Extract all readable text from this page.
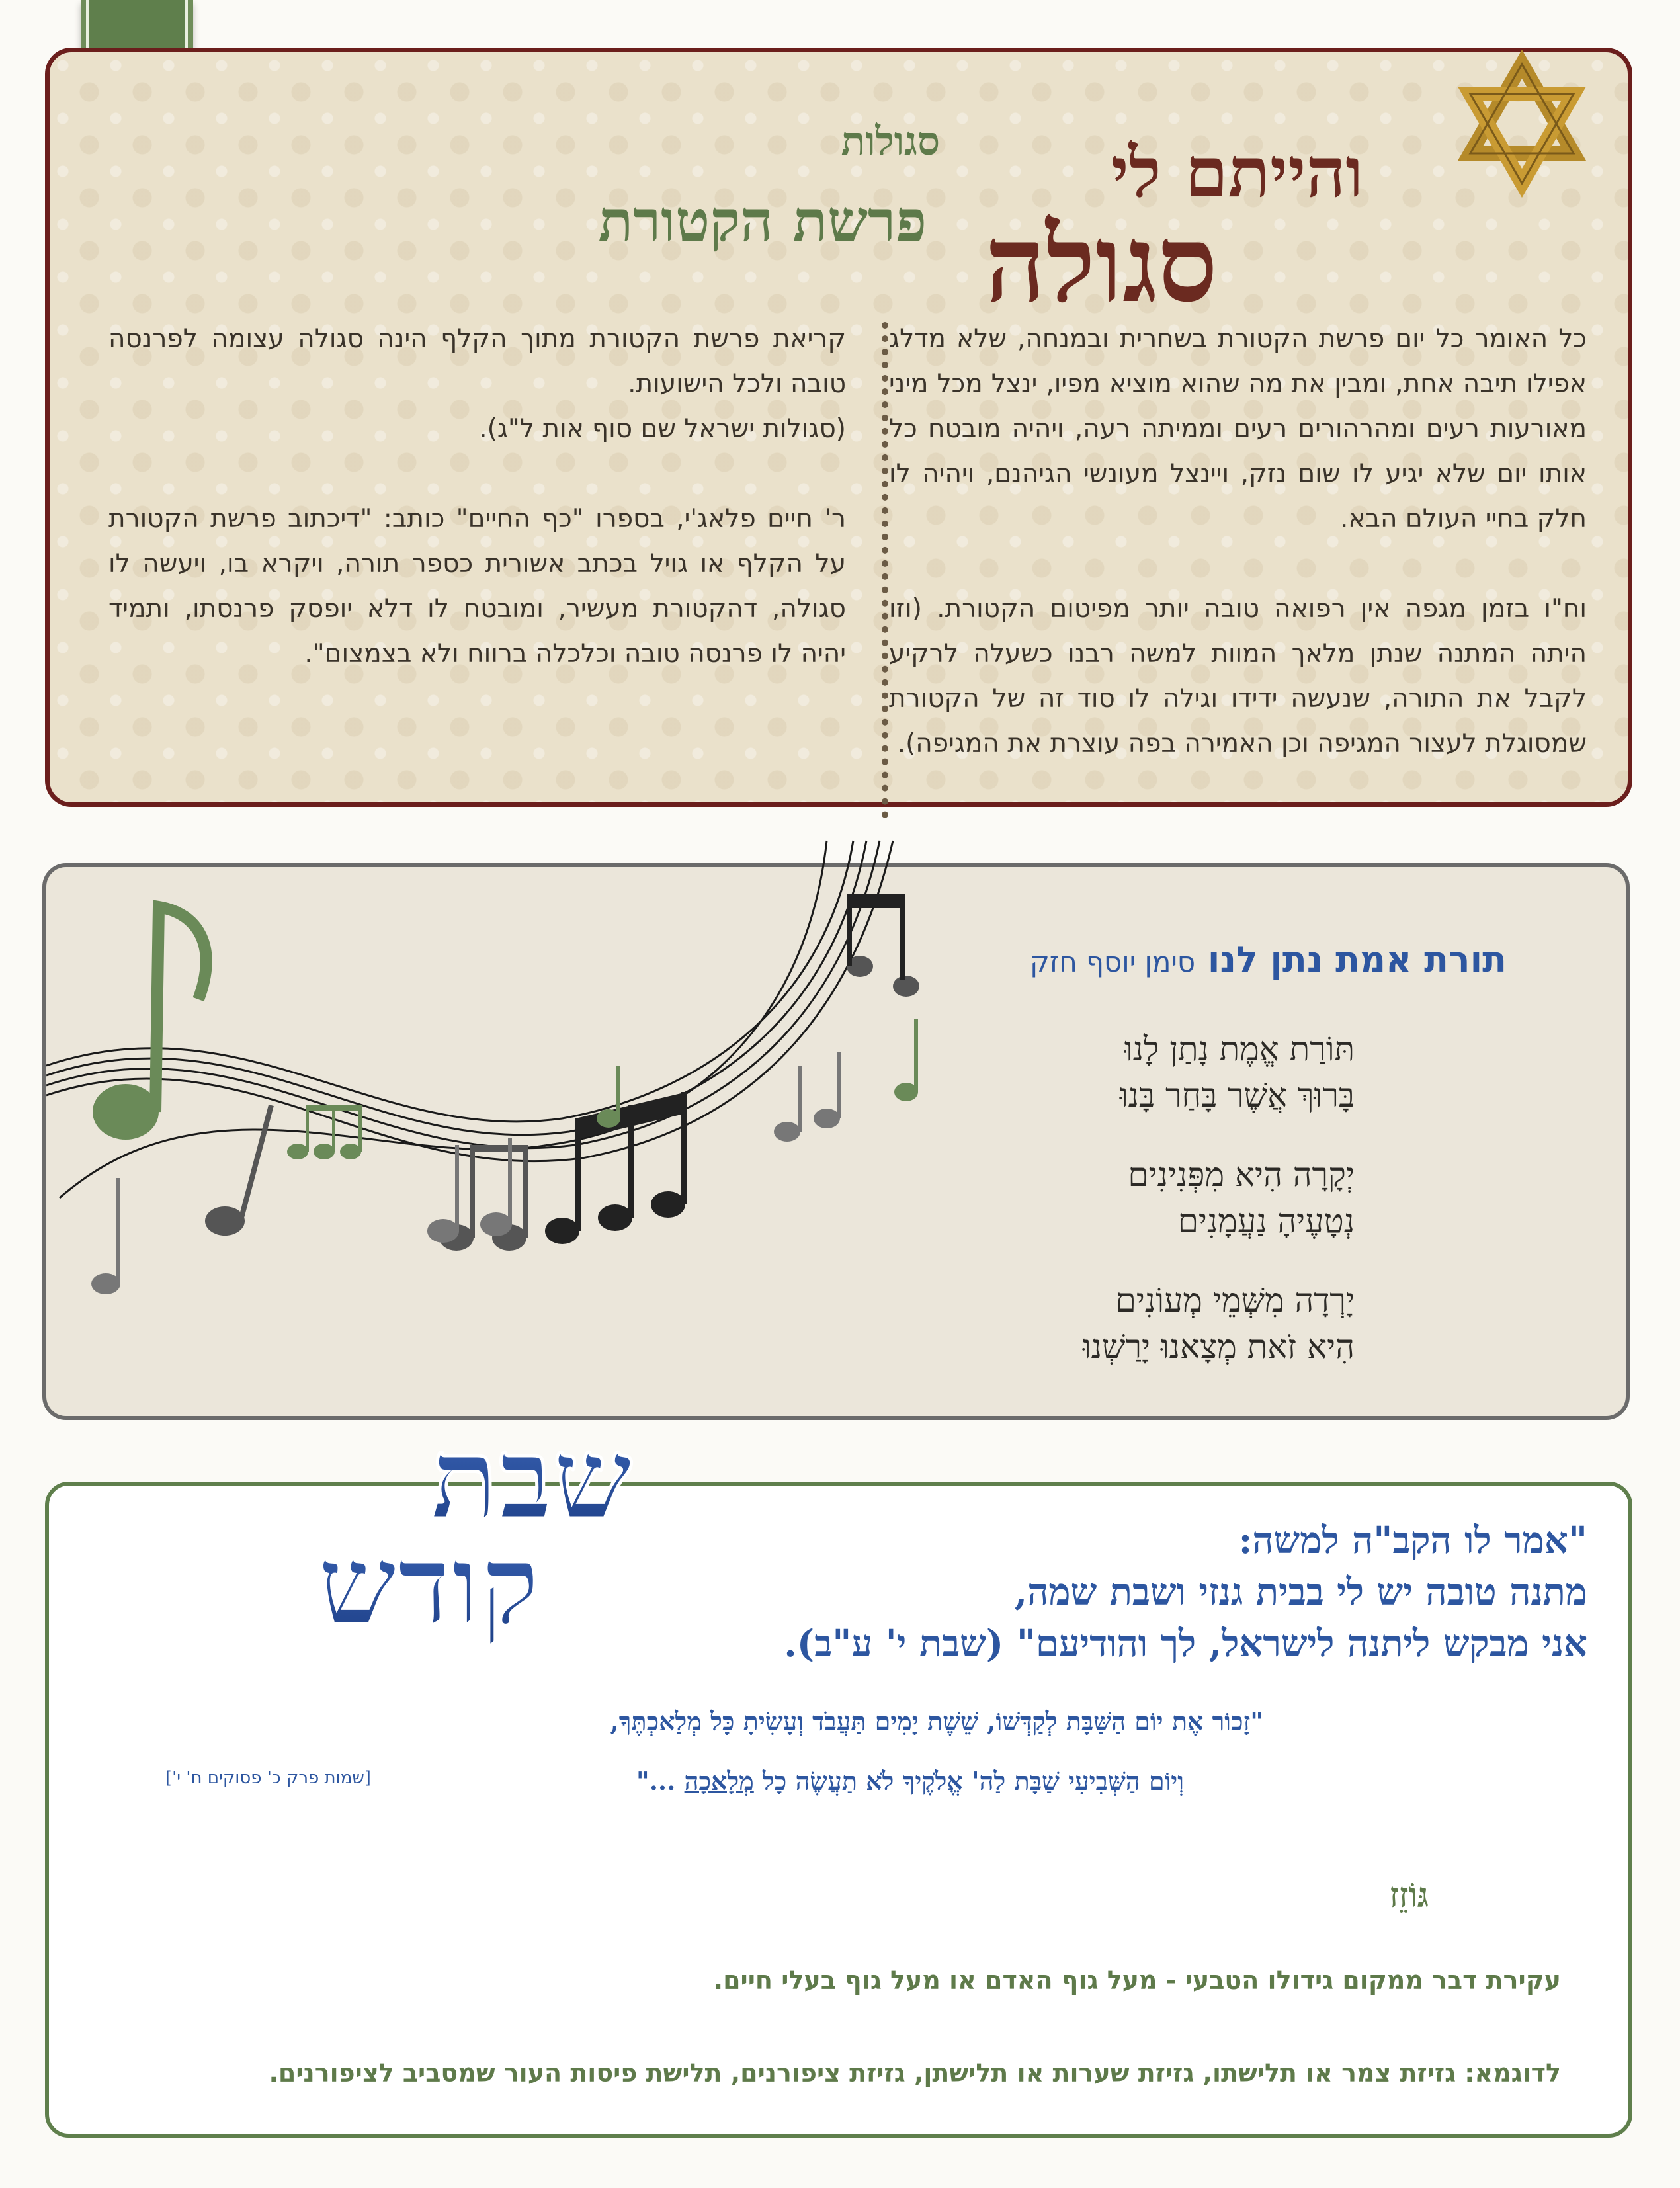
והייתם לי
סגולה
סגולות
פרשת הקטורת

כל האומר כל יום פרשת הקטורת בשחרית ובמנחה, שלא מדלג אפילו תיבה אחת, ומבין את מה שהוא מוציא מפיו, ינצל מכל מיני מאורעות רעים ומהרהורים רעים וממיתה רעה, ויהיה מובטח כל אותו יום שלא יגיע לו שום נזק, ויינצל מעונשי הגיהנם, ויהיה לו חלק בחיי העולם הבא.

וח"ו בזמן מגפה אין רפואה טובה יותר מפיטום הקטורת. (וזו היתה המתנה שנתן מלאך המוות למשה רבנו כשעלה לרקיע לקבל את התורה, שנעשה ידידו וגילה לו סוד זה של הקטורת שמסוגלת לעצור המגיפה וכן האמירה בפה עוצרת את המגיפה).

קריאת פרשת הקטורת מתוך הקלף הינה סגולה עצומה לפרנסה טובה ולכל הישועות.

(סגולות ישראל שם סוף אות ל"ג).

ר' חיים פלאג'י, בספרו "כף החיים" כותב: "דיכתוב פרשת הקטורת על הקלף או גויל בכתב אשורית כספר תורה, ויקרא בו, ויעשה לו סגולה, דהקטורת מעשיר, ומובטח לו דלא יופסק פרנסתו, ותמיד יהיה לו פרנסה טובה וכלכלה ברווח ולא בצמצום".

תורת אמת נתן לנו סימן יוסף חזק
תּוֹרַת אֱמֶת נָתַן לָנוּ
בָּרוּךְ אֲשֶׁר בָּחַר בָּנוּ
יְקָרָה הִיא מִפְּנִינִים
נְטָעֶיהָ נַעֲמָנִים
יָרְדָה מִשְּׁמֵי מְעוֹנִים
הִיא זֹאת מְצָאנוּ יָרַשְׁנוּ
שבת
קודש	"אמר לו הקב"ה למשה:
מתנה טובה יש לי בבית גנזי ושבת שמה,
אני מבקש ליתנה לישראל, לך והודיעם" (שבת י' ע"ב).
"זָכוֹר אֶת יוֹם הַשַּׁבָּת לְקַדְּשׁוֹ, שֵׁשֶׁת יָמִים תַּעֲבֹד וְעָשִׂיתָ כָּל מְלַאכְתֶּךָ,
וְיוֹם הַשְּׁבִיעִי שַׁבָּת לַה' אֱלֹקֶיךָ לֹא תַעֲשֶׂה כָל מְלָאכָה ..."
[שמות פרק כ' פסוקים ח' י']
גּוֹזֵז
עקירת דבר ממקום גידולו הטבעי - מעל גוף האדם או מעל גוף בעלי חיים.
לדוגמא: גזיזת צמר או תלישתו, גזיזת שערות או תלישתן, גזיזת ציפורנים, תלישת פיסות העור שמסביב לציפורנים.
